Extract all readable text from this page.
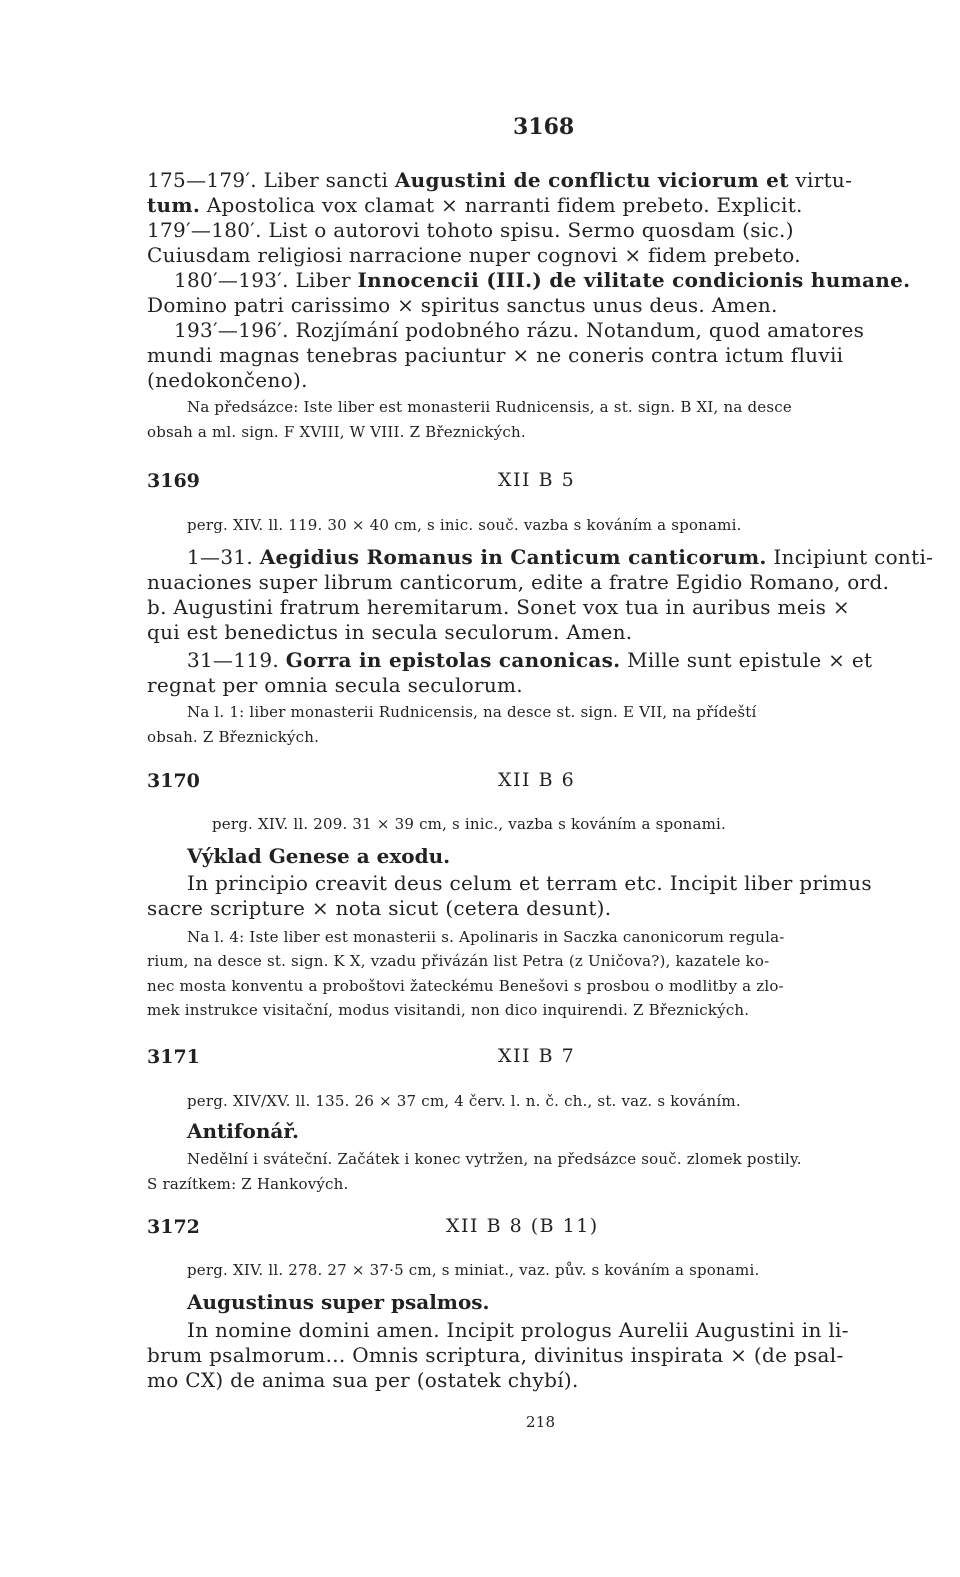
3168
175—179′. Liber sancti Augustini de conflictu viciorum et virtu-
tum. Apostolica vox clamat × narranti fidem prebeto. Explicit.
179′—180′. List o autorovi tohoto spisu. Sermo quosdam (sic.)
Cuiusdam religiosi narracione nuper cognovi × fidem prebeto.
180′—193′. Liber Innocencii (III.) de vilitate condicionis humane.
Domino patri carissimo × spiritus sanctus unus deus. Amen.
193′—196′. Rozjímání podobného rázu. Notandum, quod amatores
mundi magnas tenebras paciuntur × ne coneris contra ictum fluvii
(nedokončeno).
Na předsázce: Iste liber est monasterii Rudnicensis, a st. sign. B XI, na desce
obsah a ml. sign. F XVIII, W VIII. Z Březnických.
3169	XII B 5
perg. XIV. ll. 119. 30 × 40 cm, s inic. souč. vazba s kováním a sponami.
1—31. Aegidius Romanus in Canticum canticorum. Incipiunt conti-
nuaciones super librum canticorum, edite a fratre Egidio Romano, ord.
b. Augustini fratrum heremitarum. Sonet vox tua in auribus meis ×
qui est benedictus in secula seculorum. Amen.
31—119. Gorra in epistolas canonicas. Mille sunt epistule × et
regnat per omnia secula seculorum.
Na l. 1: liber monasterii Rudnicensis, na desce st. sign. E VII, na přídeští
obsah. Z Březnických.
3170	XII B 6
perg. XIV. ll. 209. 31 × 39 cm, s inic., vazba s kováním a sponami.
Výklad Genese a exodu.
In principio creavit deus celum et terram etc. Incipit liber primus
sacre scripture × nota sicut (cetera desunt).
Na l. 4: Iste liber est monasterii s. Apolinaris in Saczka canonicorum regula-
rium, na desce st. sign. K X, vzadu přivázán list Petra (z Uničova?), kazatele ko-
nec mosta konventu a proboštovi žateckému Benešovi s prosbou o modlitby a zlo-
mek instrukce visitační, modus visitandi, non dico inquirendi. Z Březnických.
3171	XII B 7
perg. XIV/XV. ll. 135. 26 × 37 cm, 4 červ. l. n. č. ch., st. vaz. s kováním.
Antifonář.
Nedělní i sváteční. Začátek i konec vytržen, na předsázce souč. zlomek postily.
S razítkem: Z Hankových.
3172	XII B 8 (B 11)
perg. XIV. ll. 278. 27 × 37·5 cm, s miniat., vaz. pův. s kováním a sponami.
Augustinus super psalmos.
In nomine domini amen. Incipit prologus Aurelii Augustini in li-
brum psalmorum... Omnis scriptura, divinitus inspirata × (de psal-
mo CX) de anima sua per (ostatek chybí).
218
